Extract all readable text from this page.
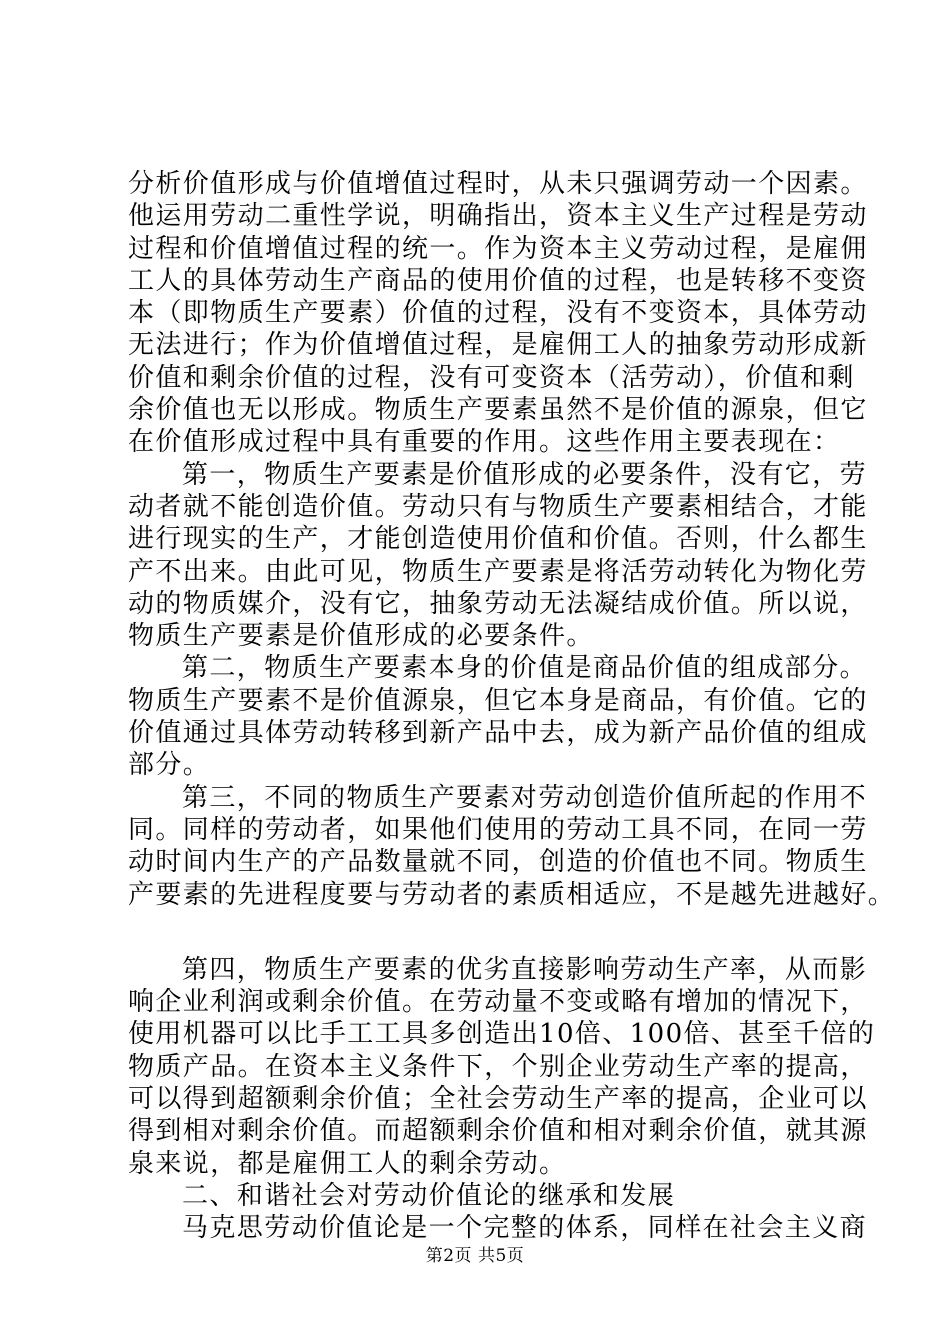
分析价值形成与价值增值过程时，从未只强调劳动一个因素。
他运用劳动二重性学说，明确指出，资本主义生产过程是劳动
过程和价值增值过程的统一。作为资本主义劳动过程，是雇佣
工人的具体劳动生产商品的使用价值的过程，也是转移不变资
本（即物质生产要素）价值的过程，没有不变资本，具体劳动
无法进行；作为价值增值过程，是雇佣工人的抽象劳动形成新
价值和剩余价值的过程，没有可变资本（活劳动），价值和剩
余价值也无以形成。物质生产要素虽然不是价值的源泉，但它
在价值形成过程中具有重要的作用。这些作用主要表现在：
第一，物质生产要素是价值形成的必要条件，没有它，劳
动者就不能创造价值。劳动只有与物质生产要素相结合，才能
进行现实的生产，才能创造使用价值和价值。否则，什么都生
产不出来。由此可见，物质生产要素是将活劳动转化为物化劳
动的物质媒介，没有它，抽象劳动无法凝结成价值。所以说，
物质生产要素是价值形成的必要条件。
第二，物质生产要素本身的价值是商品价值的组成部分。
物质生产要素不是价值源泉，但它本身是商品，有价值。它的
价值通过具体劳动转移到新产品中去，成为新产品价值的组成
部分。
第三，不同的物质生产要素对劳动创造价值所起的作用不
同。同样的劳动者，如果他们使用的劳动工具不同，在同一劳
动时间内生产的产品数量就不同，创造的价值也不同。物质生
产要素的先进程度要与劳动者的素质相适应，不是越先进越好。
第四，物质生产要素的优劣直接影响劳动生产率，从而影
响企业利润或剩余价值。在劳动量不变或略有增加的情况下，
使用机器可以比手工工具多创造出10倍、100倍、甚至千倍的
物质产品。在资本主义条件下，个别企业劳动生产率的提高，
可以得到超额剩余价值；全社会劳动生产率的提高，企业可以
得到相对剩余价值。而超额剩余价值和相对剩余价值，就其源
泉来说，都是雇佣工人的剩余劳动。
二、和谐社会对劳动价值论的继承和发展
马克思劳动价值论是一个完整的体系，同样在社会主义商
第2页 共5页
